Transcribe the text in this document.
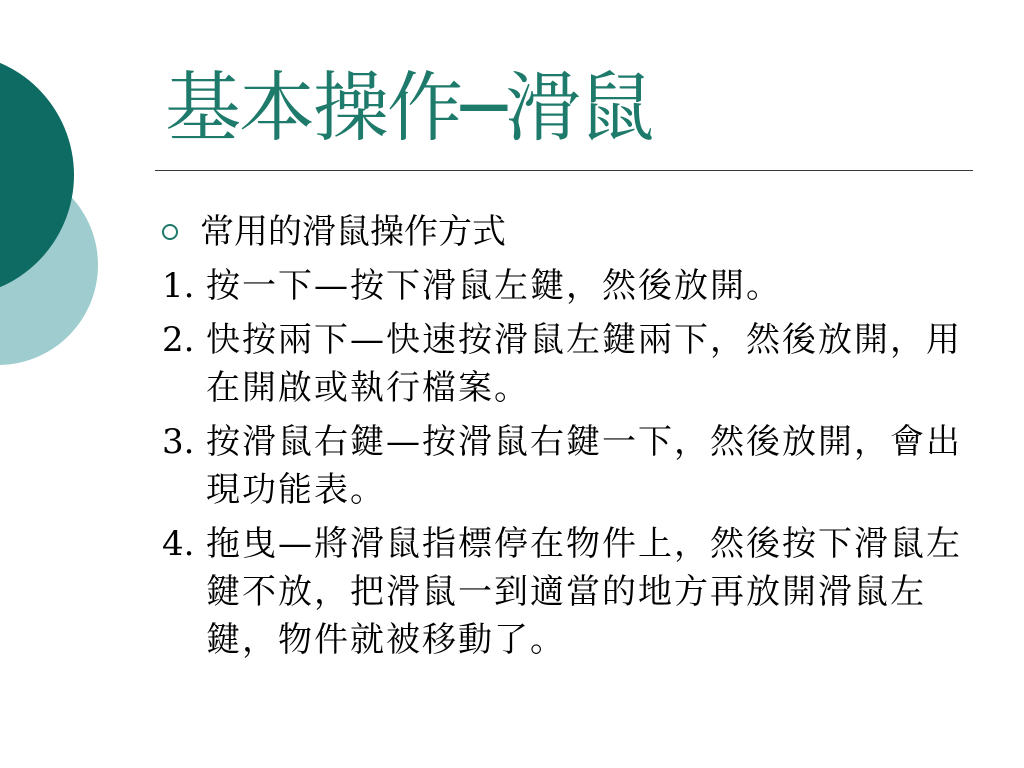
基本操作─滑鼠
常用的滑鼠操作方式
1. 按一下—按下滑鼠左鍵，然後放開。
2. 快按兩下—快速按滑鼠左鍵兩下，然後放開，用在開啟或執行檔案。
3. 按滑鼠右鍵—按滑鼠右鍵一下，然後放開，會出現功能表。
4. 拖曳—將滑鼠指標停在物件上，然後按下滑鼠左鍵不放，把滑鼠一到適當的地方再放開滑鼠左鍵，物件就被移動了。
